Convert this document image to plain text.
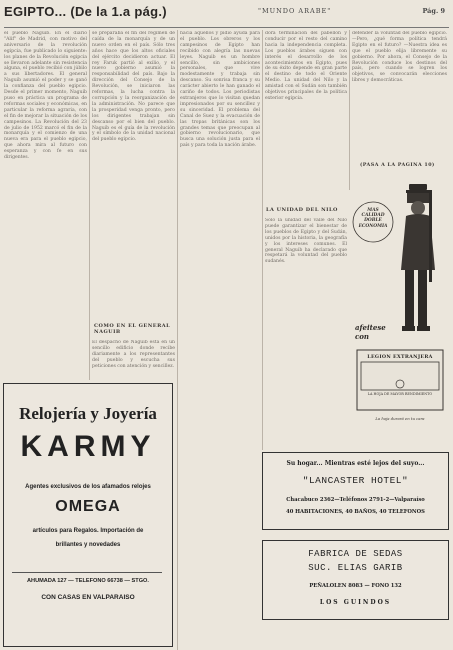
EGIPTO... (De la 1.a pág.)	"MUNDO ARABE"	Pág. 9
el pueblo Naguib. En el diario "Alif" de Madrid, con motivo del aniversario de la revolución egipcia, fue publicado lo siguiente: los planes de la Revolución egipcia se llevaron adelante sin resistencia alguna, el pueblo recibió con júbilo a sus libertadores. El general Naguib asumió el poder y se ganó la confianza del pueblo egipcio. Desde el primer momento, Naguib puso en práctica un programa de reformas sociales y económicas, en particular la reforma agraria, con el fin de mejorar la situación de los campesinos. La Revolución del 23 de julio de 1952 marcó el fin de la monarquía y el comienzo de una nueva era para el pueblo egipcio, que ahora mira al futuro con esperanza y con fe en sus dirigentes.
se preparaba el fin del régimen de caída de la monarquía y de un nuevo orden en el país. Sólo tres años hace que los altos oficiales del ejército decidieron actuar. El rey Faruk partió al exilio, y el nuevo gobierno asumió la responsabilidad del país. Bajo la dirección del Consejo de la Revolución, se iniciaron las reformas, la lucha contra la corrupción y la reorganización de la administración. No parece que la prosperidad venga pronto, pero los dirigentes trabajan sin descanso por el bien del pueblo. Naguib es el guía de la revolución y el símbolo de la unidad nacional del pueblo egipcio.
COMO EN EL GENERAL NAGUIB
El despacho de Naguib está en un sencillo edificio donde recibe diariamente a los representantes del pueblo y escucha sus peticiones con atención y sencillez.
hacia aquellos y pidió ayuda para el pueblo. Los obreros y los campesinos de Egipto han recibido con alegría las nuevas leyes. Naguib es un hombre sencillo, sin ambiciones personales, que vive modestamente y trabaja sin descanso. Su sonrisa franca y su carácter abierto le han ganado el cariño de todos. Los periodistas extranjeros que lo visitan quedan impresionados por su sencillez y su sinceridad. El problema del Canal de Suez y la evacuación de las tropas británicas son los grandes temas que preocupan al gobierno revolucionario, que busca una solución justa para el país y para toda la nación árabe.
dora terminación del pabellón y conducir por el resto del camino hacia la independencia completa. Los pueblos árabes siguen con interés el desarrollo de los acontecimientos en Egipto, pues de su éxito depende en gran parte el destino de todo el Oriente Medio. La unidad del Nilo y la amistad con el Sudán son también objetivos principales de la política exterior egipcia.
LA UNIDAD DEL NILO
Sólo la unidad del valle del Nilo puede garantizar el bienestar de los pueblos de Egipto y del Sudán, unidos por la historia, la geografía y los intereses comunes. El general Naguib ha declarado que respetará la voluntad del pueblo sudanés.
defender la voluntad del pueblo egipcio. —Pero, ¿qué forma política tendrá Egipto en el futuro? —Nuestra idea es que el pueblo elija libremente su gobierno. Por ahora, el Consejo de la Revolución conduce los destinos del país, pero cuando se logren los objetivos, se convocarán elecciones libres y democráticas.
(PASA A LA PAGINA 10)
MAS CALIDAD DOBLE ECONOMIA
afeitese con
LEGION EXTRANJERA
LA HOJA DE MAYOR RENDIMIENTO
La hoja durará en tu cara
Relojería y Joyería
KARMY
Agentes exclusivos de los afamados relojes
OMEGA
artículos para Regalos. Importación de
brillantes y novedades
AHUMADA 127 — TELEFONO 66738 — STGO.
CON CASAS EN VALPARAISO
Su hogar... Mientras esté lejos del suyo...
"LANCASTER HOTEL"
Chacabuco 2362—Teléfonos 2791-2—Valparaíso
40 HABITACIONES, 40 BAÑOS, 40 TELEFONOS
FABRICA DE SEDAS
SUC. ELIAS GARIB
PEÑALOLEN 8083 — FONO 132
LOS GUINDOS
